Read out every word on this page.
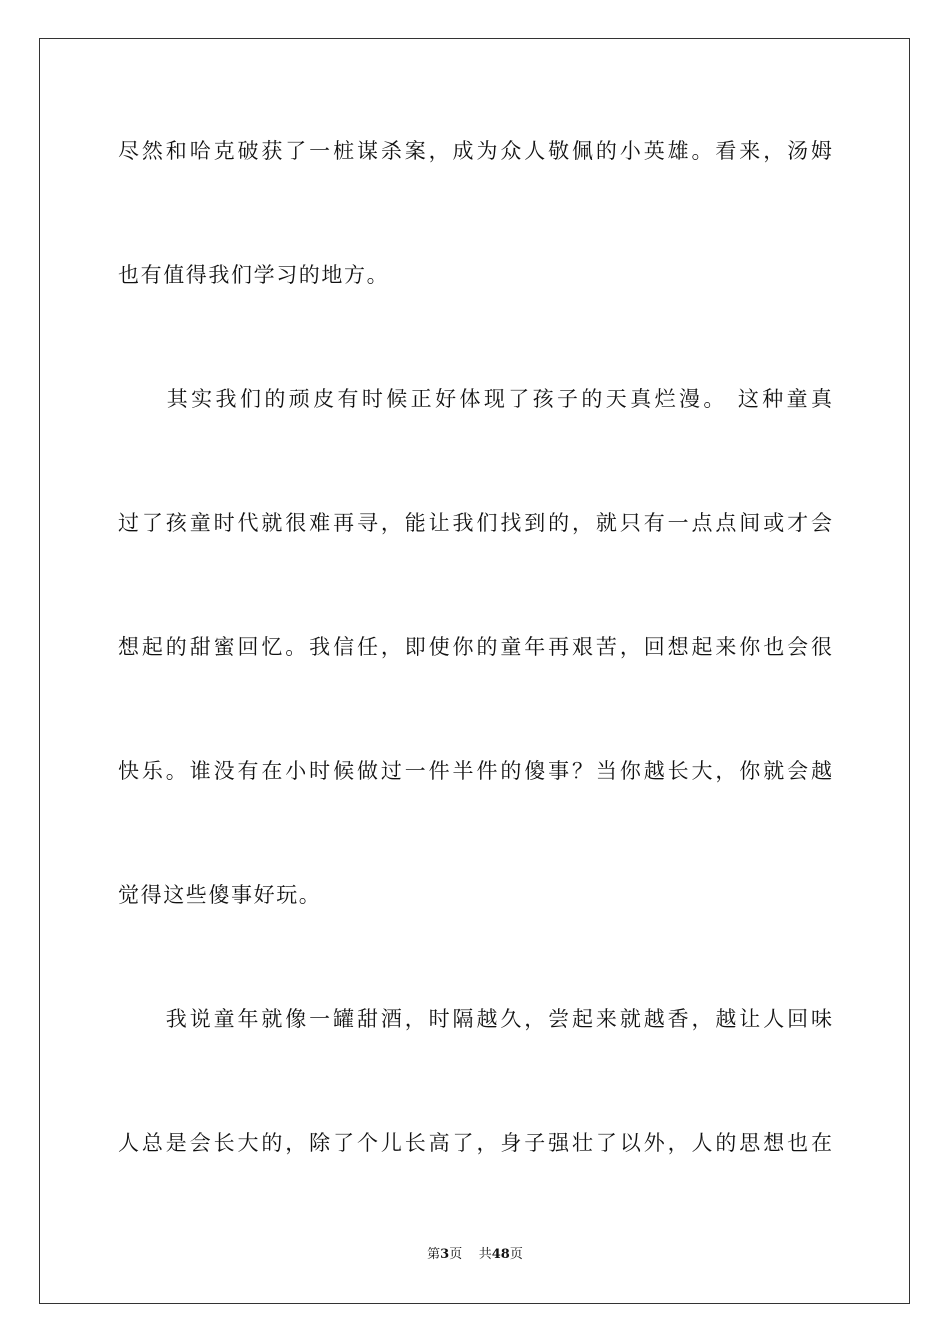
尽然和哈克破获了一桩谋杀案，成为众人敬佩的小英雄。看来，汤姆
也有值得我们学习的地方。
　　其实我们的顽皮有时候正好体现了孩子的天真烂漫。 这种童真
过了孩童时代就很难再寻，能让我们找到的，就只有一点点间或才会
想起的甜蜜回忆。我信任，即使你的童年再艰苦，回想起来你也会很
快乐。谁没有在小时候做过一件半件的傻事？当你越长大，你就会越
觉得这些傻事好玩。
　　我说童年就像一罐甜酒，时隔越久，尝起来就越香，越让人回味
人总是会长大的，除了个儿长高了，身子强壮了以外，人的思想也在
第3页 共48页
